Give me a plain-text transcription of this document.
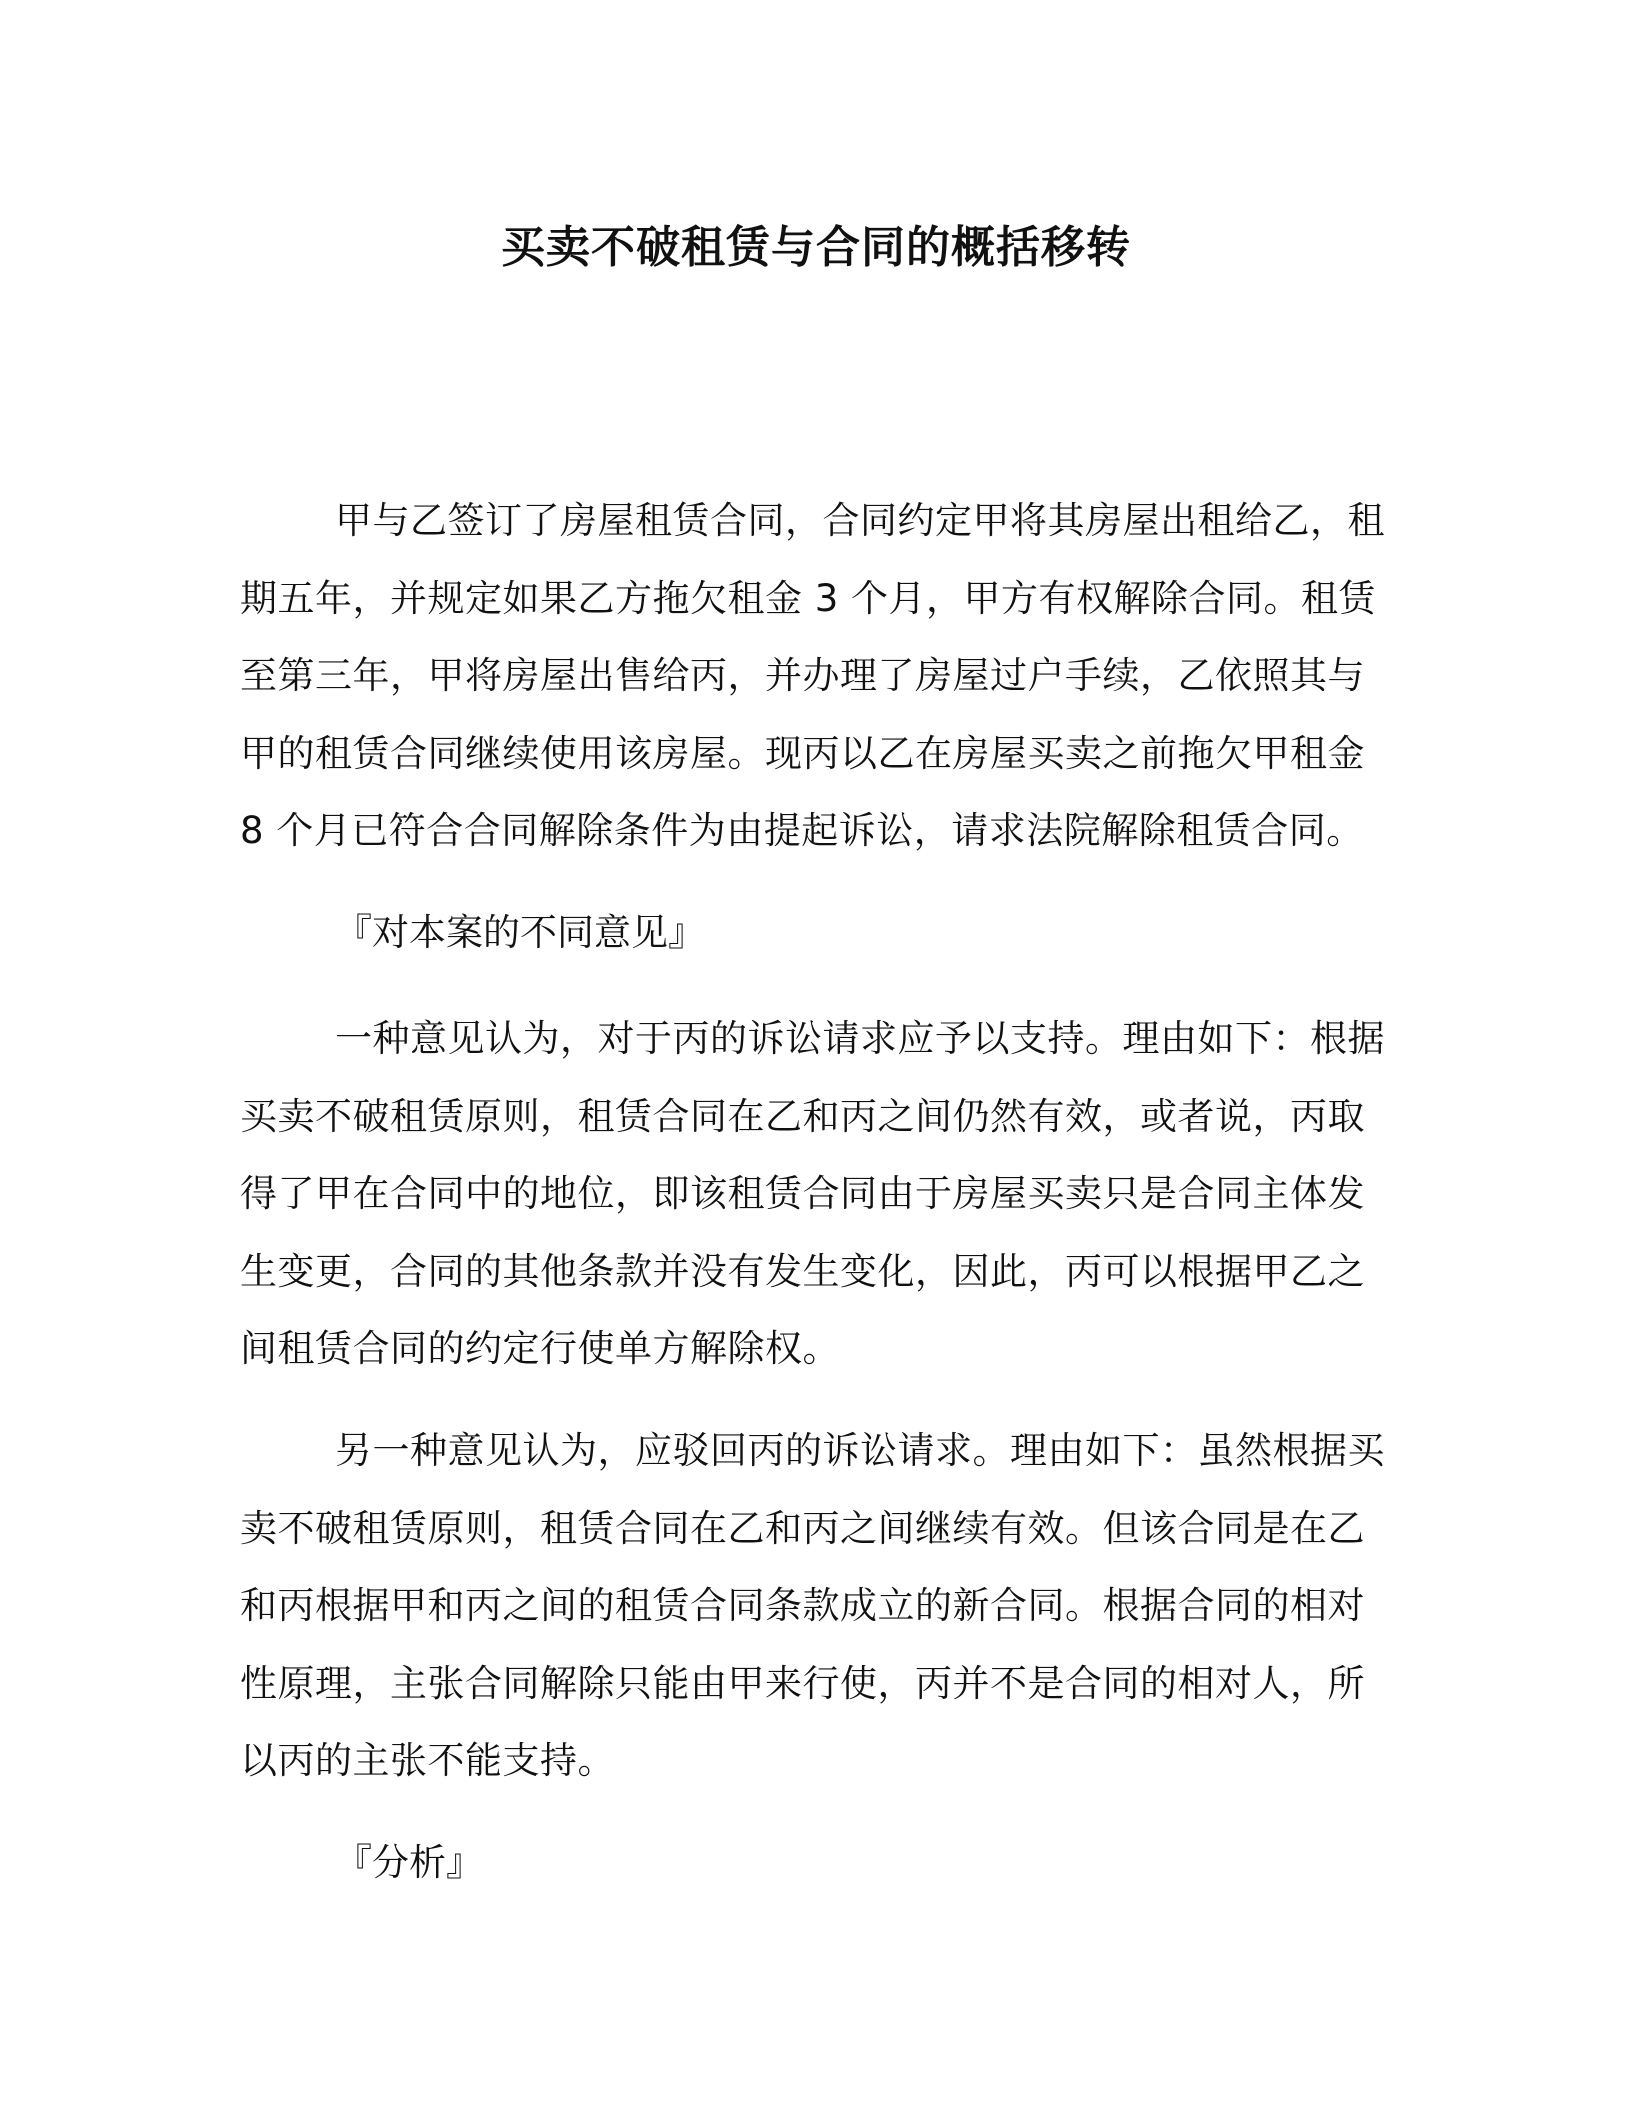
买卖不破租赁与合同的概括移转

甲与乙签订了房屋租赁合同，合同约定甲将其房屋出租给乙，租期五年，并规定如果乙方拖欠租金 3 个月，甲方有权解除合同。租赁至第三年，甲将房屋出售给丙，并办理了房屋过户手续，乙依照其与甲的租赁合同继续使用该房屋。现丙以乙在房屋买卖之前拖欠甲租金 8 个月已符合合同解除条件为由提起诉讼，请求法院解除租赁合同。

『对本案的不同意见』

一种意见认为，对于丙的诉讼请求应予以支持。理由如下：根据买卖不破租赁原则，租赁合同在乙和丙之间仍然有效，或者说，丙取得了甲在合同中的地位，即该租赁合同由于房屋买卖只是合同主体发生变更，合同的其他条款并没有发生变化，因此，丙可以根据甲乙之间租赁合同的约定行使单方解除权。

另一种意见认为，应驳回丙的诉讼请求。理由如下：虽然根据买卖不破租赁原则，租赁合同在乙和丙之间继续有效。但该合同是在乙和丙根据甲和丙之间的租赁合同条款成立的新合同。根据合同的相对性原理，主张合同解除只能由甲来行使，丙并不是合同的相对人，所以丙的主张不能支持。

『分析』
